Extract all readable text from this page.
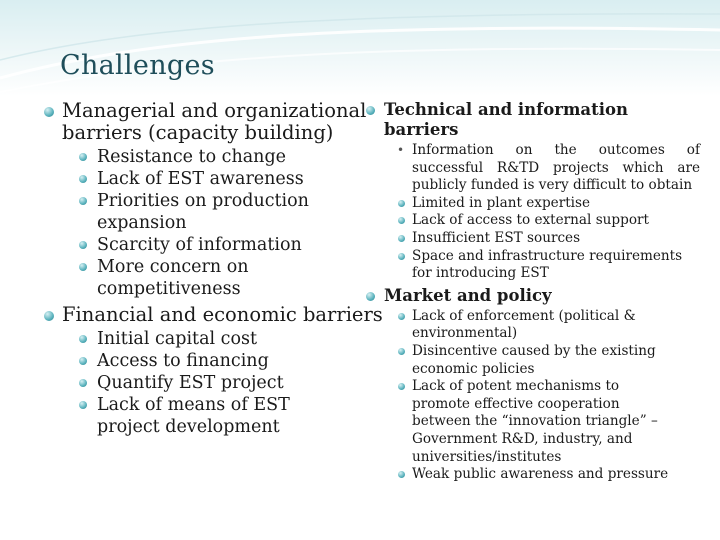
Challenges
Managerial and organizational barriers (capacity building)
Resistance to change
Lack of EST awareness
Priorities on production expansion
Scarcity of information
More concern on competitiveness
Financial and economic barriers
Initial capital cost
Access to financing
Quantify EST project
Lack of means of EST project development
Technical and information barriers
• Information on the outcomes of successful R&TD projects which are publicly funded is very difficult to obtain
Limited in plant expertise
Lack of access to external support
Insufficient EST sources
Space and infrastructure requirements for introducing EST
Market and policy
Lack of enforcement (political & environmental)
Disincentive caused by the existing economic policies
Lack of potent mechanisms to promote effective cooperation between the “innovation triangle” – Government R&D, industry, and universities/institutes
Weak public awareness and pressure
